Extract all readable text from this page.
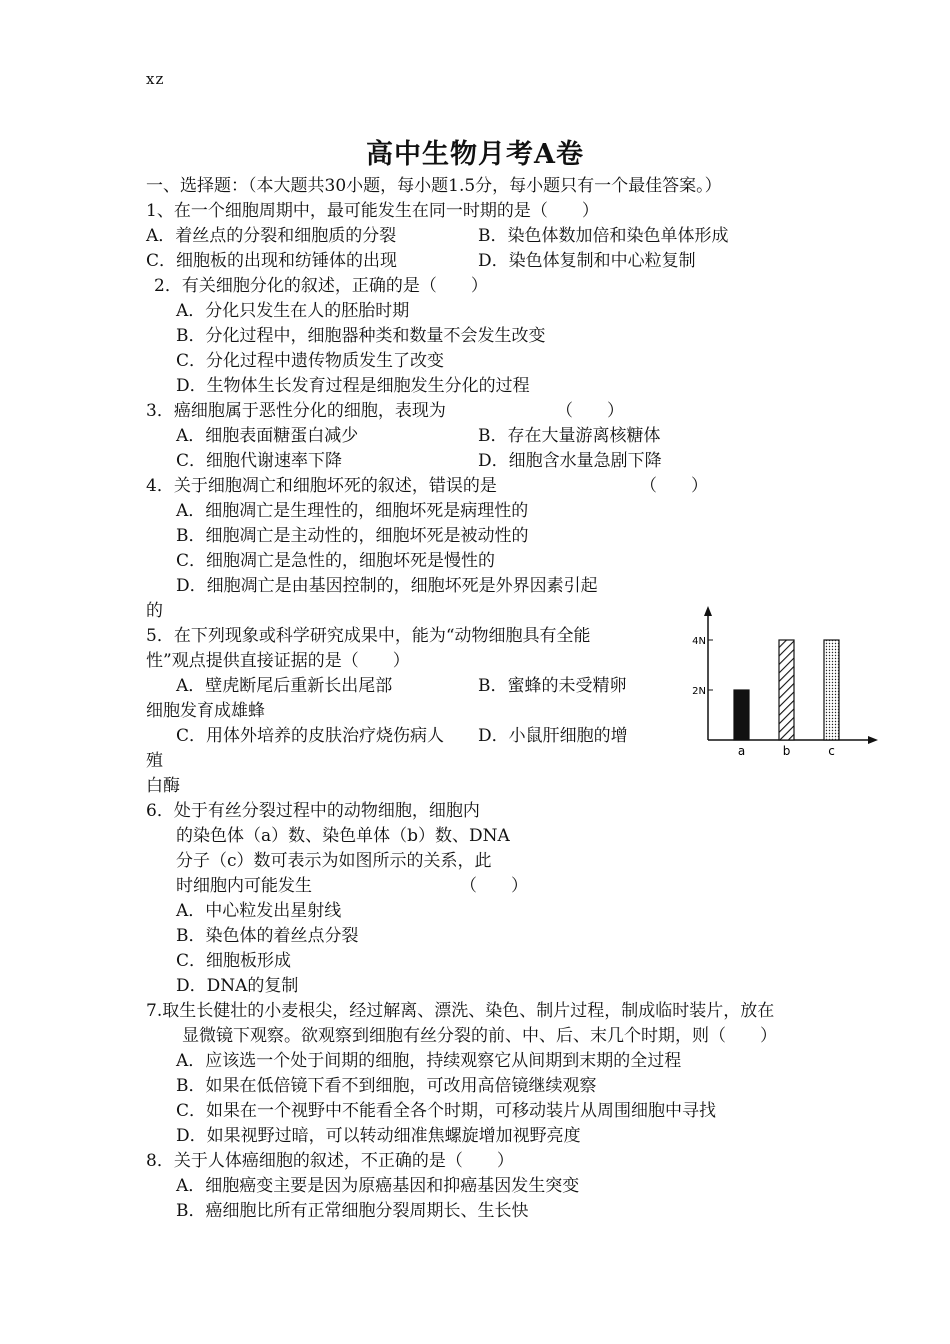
xz
高中生物月考A卷
一、选择题：（本大题共30小题，每小题1.5分，每小题只有一个最佳答案。）
1、在一个细胞周期中，最可能发生在同一时期的是（　　）
A．着丝点的分裂和细胞质的分裂	B．染色体数加倍和染色单体形成
C．细胞板的出现和纺锤体的出现	D．染色体复制和中心粒复制
2．有关细胞分化的叙述，正确的是（　　）
A．分化只发生在人的胚胎时期
B．分化过程中，细胞器种类和数量不会发生改变
C．分化过程中遗传物质发生了改变
D．生物体生长发育过程是细胞发生分化的过程
3．癌细胞属于恶性分化的细胞，表现为	（　　）
A．细胞表面糖蛋白减少	B．存在大量游离核糖体
C．细胞代谢速率下降	D．细胞含水量急剧下降
4．关于细胞凋亡和细胞坏死的叙述，错误的是	（　　）
A．细胞凋亡是生理性的，细胞坏死是病理性的
B．细胞凋亡是主动性的，细胞坏死是被动性的
C．细胞凋亡是急性的，细胞坏死是慢性的
D．细胞凋亡是由基因控制的，细胞坏死是外界因素引起
的
5．在下列现象或科学研究成果中，能为“动物细胞具有全能
性”观点提供直接证据的是（　　）
A．壁虎断尾后重新长出尾部	B．蜜蜂的未受精卵
细胞发育成雄蜂
C．用体外培养的皮肤治疗烧伤病人 D．小鼠肝细胞的增
殖
白酶
6．处于有丝分裂过程中的动物细胞，细胞内
的染色体（a）数、染色单体（b）数、DNA
分子（c）数可表示为如图所示的关系，此
时细胞内可能发生	（　　）
A．中心粒发出星射线
B．染色体的着丝点分裂
C．细胞板形成
D．DNA的复制
7.取生长健壮的小麦根尖，经过解离、漂洗、染色、制片过程，制成临时装片，放在
显微镜下观察。欲观察到细胞有丝分裂的前、中、后、末几个时期，则（　　）
A．应该选一个处于间期的细胞，持续观察它从间期到末期的全过程
B．如果在低倍镜下看不到细胞，可改用高倍镜继续观察
C．如果在一个视野中不能看全各个时期，可移动装片从周围细胞中寻找
D．如果视野过暗，可以转动细准焦螺旋增加视野亮度
8．关于人体癌细胞的叙述，不正确的是（　　）
A．细胞癌变主要是因为原癌基因和抑癌基因发生突变
B．癌细胞比所有正常细胞分裂周期长、生长快
2N
4N
a	b	c
